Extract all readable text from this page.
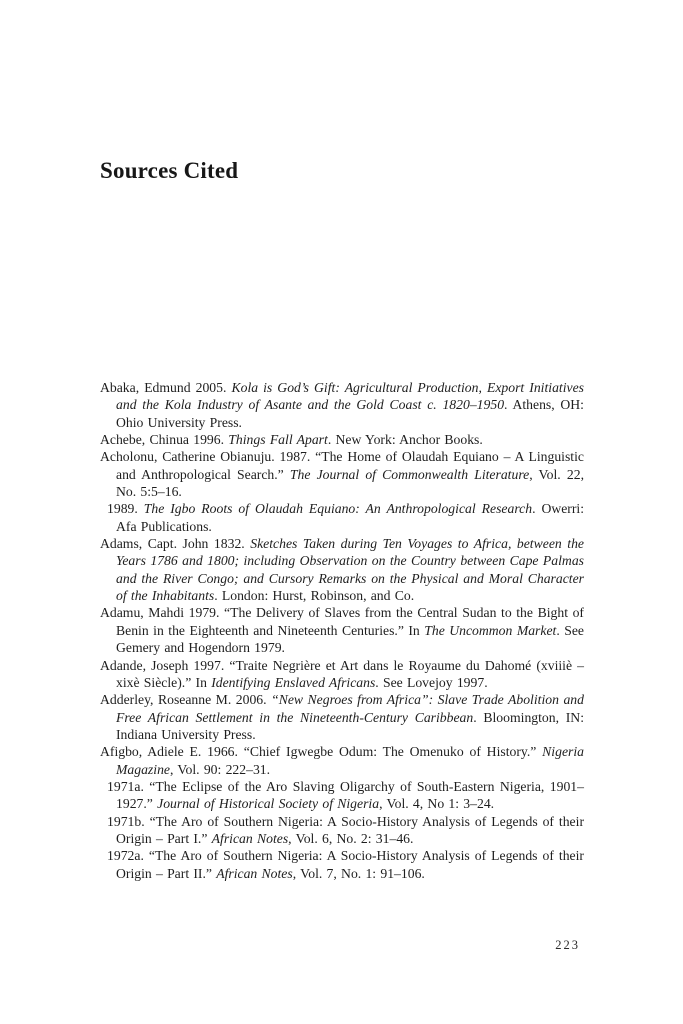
Sources Cited

Abaka, Edmund 2005. Kola is God’s Gift: Agricultural Production, Export Initiatives and the Kola Industry of Asante and the Gold Coast c. 1820–1950. Athens, OH: Ohio University Press.

Achebe, Chinua 1996. Things Fall Apart. New York: Anchor Books.

Acholonu, Catherine Obianuju. 1987. “The Home of Olaudah Equiano – A Linguistic and Anthropological Search.” The Journal of Commonwealth Literature, Vol. 22, No. 5:5–16.

1989. The Igbo Roots of Olaudah Equiano: An Anthropological Research. Owerri: Afa Publications.

Adams, Capt. John 1832. Sketches Taken during Ten Voyages to Africa, between the Years 1786 and 1800; including Observation on the Country between Cape Palmas and the River Congo; and Cursory Remarks on the Physical and Moral Character of the Inhabitants. London: Hurst, Robinson, and Co.

Adamu, Mahdi 1979. “The Delivery of Slaves from the Central Sudan to the Bight of Benin in the Eighteenth and Nineteenth Centuries.” In The Uncommon Market. See Gemery and Hogendorn 1979.

Adande, Joseph 1997. “Traite Negrière et Art dans le Royaume du Dahomé (xviiiè – xixè Siècle).” In Identifying Enslaved Africans. See Lovejoy 1997.

Adderley, Roseanne M. 2006. “New Negroes from Africa”: Slave Trade Abolition and Free African Settlement in the Nineteenth-Century Caribbean. Bloomington, IN: Indiana University Press.

Afigbo, Adiele E. 1966. “Chief Igwegbe Odum: The Omenuko of History.” Nigeria Magazine, Vol. 90: 222–31.

1971a. “The Eclipse of the Aro Slaving Oligarchy of South-Eastern Nigeria, 1901–1927.” Journal of Historical Society of Nigeria, Vol. 4, No 1: 3–24.

1971b. “The Aro of Southern Nigeria: A Socio-History Analysis of Legends of their Origin – Part I.” African Notes, Vol. 6, No. 2: 31–46.

1972a. “The Aro of Southern Nigeria: A Socio-History Analysis of Legends of their Origin – Part II.” African Notes, Vol. 7, No. 1: 91–106.

223
